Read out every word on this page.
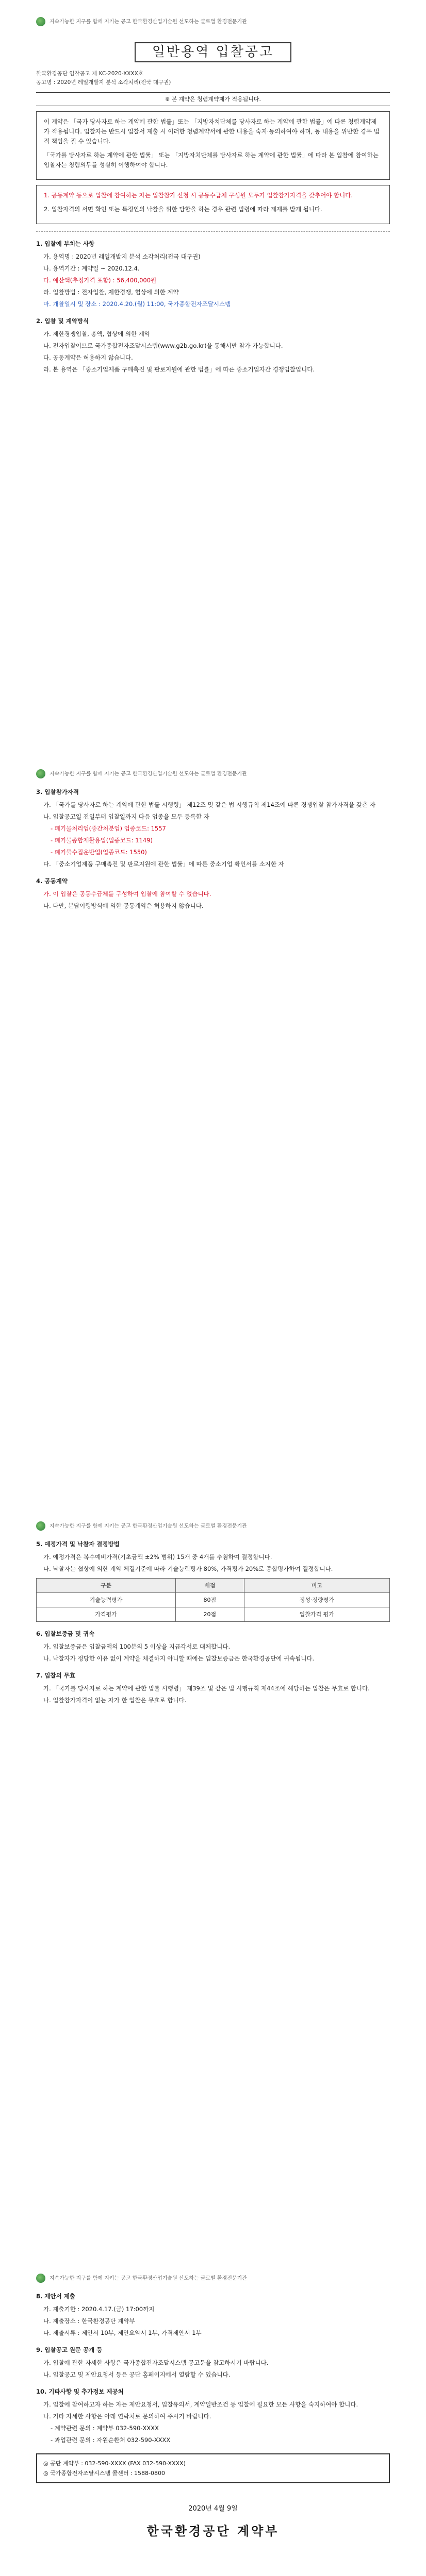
지속가능한 지구를 함께 지키는 공고 한국환경산업기술원 선도하는 글로벌 환경전문기관
일반용역 입찰공고
한국환경공단 입찰공고 제 KC-2020-XXXX호
공고명 : 2020년 레일개발지 분석 소각처리(전국 대구권)
※ 본 계약은 청렴계약제가 적용됩니다.

이 계약은 「국가 당사자로 하는 계약에 관한 법률」또는 「지방자치단체를 당사자로 하는 계약에 관한 법률」에 따른 청렴계약제가 적용됩니다. 입찰자는 반드시 입찰서 제출 시 이러한 청렴계약서에 관한 내용을 숙지·동의하여야 하며, 동 내용을 위반한 경우 법적 책임을 질 수 있습니다.

「국가를 당사자로 하는 계약에 관한 법률」 또는 「지방자치단체를 당사자로 하는 계약에 관한 법률」에 따라 본 입찰에 참여하는 입찰자는 청렴의무를 성실히 이행하여야 합니다.

1. 공동계약 등으로 입찰에 참여하는 자는 입찰참가 신청 시 공동수급체 구성원 모두가 입찰참가자격을 갖추어야 합니다.

2. 입찰자격의 서면 확인 또는 특정인의 낙찰을 위한 담합을 하는 경우 관련 법령에 따라 제재를 받게 됩니다.

1. 입찰에 부치는 사항
가. 용역명 : 2020년 레일개발지 분석 소각처리(전국 대구권)
나. 용역기간 : 계약일 ~ 2020.12.4.
다. 예산액(추정가격 포함) : 56,400,000원
라. 입찰방법 : 전자입찰, 제한경쟁, 협상에 의한 계약
마. 개찰일시 및 장소 : 2020.4.20.(월) 11:00, 국가종합전자조달시스템
2. 입찰 및 계약방식
가. 제한경쟁입찰, 총액, 협상에 의한 계약
나. 전자입찰이므로 국가종합전자조달시스템(www.g2b.go.kr)을 통해서만 참가 가능합니다.
다. 공동계약은 허용하지 않습니다.
라. 본 용역은 「중소기업제품 구매촉진 및 판로지원에 관한 법률」에 따른 중소기업자간 경쟁입찰입니다.
지속가능한 지구를 함께 지키는 공고 한국환경산업기술원 선도하는 글로벌 환경전문기관
3. 입찰참가자격
가. 「국가를 당사자로 하는 계약에 관한 법률 시행령」 제12조 및 같은 법 시행규칙 제14조에 따른 경쟁입찰 참가자격을 갖춘 자
나. 입찰공고일 전일부터 입찰일까지 다음 업종을 모두 등록한 자
- 폐기물처리업(중간처분업) 업종코드: 1557
- 폐기물종합재활용업(업종코드: 1149)
- 폐기물수집운반업(업종코드: 1550)
다. 「중소기업제품 구매촉진 및 판로지원에 관한 법률」에 따른 중소기업 확인서를 소지한 자
4. 공동계약
가. 이 입찰은 공동수급체를 구성하여 입찰에 참여할 수 없습니다.
나. 다만, 분담이행방식에 의한 공동계약은 허용하지 않습니다.
지속가능한 지구를 함께 지키는 공고 한국환경산업기술원 선도하는 글로벌 환경전문기관
5. 예정가격 및 낙찰자 결정방법
가. 예정가격은 복수예비가격(기초금액 ±2% 범위) 15개 중 4개를 추첨하여 결정합니다.
나. 낙찰자는 협상에 의한 계약 체결기준에 따라 기술능력평가 80%, 가격평가 20%로 종합평가하여 결정합니다.
구분	배점	비고
기술능력평가	80점	정성·정량평가
가격평가	20점	입찰가격 평가
6. 입찰보증금 및 귀속
가. 입찰보증금은 입찰금액의 100분의 5 이상을 지급각서로 대체합니다.
나. 낙찰자가 정당한 이유 없이 계약을 체결하지 아니할 때에는 입찰보증금은 한국환경공단에 귀속됩니다.
7. 입찰의 무효
가. 「국가를 당사자로 하는 계약에 관한 법률 시행령」 제39조 및 같은 법 시행규칙 제44조에 해당하는 입찰은 무효로 합니다.
나. 입찰참가자격이 없는 자가 한 입찰은 무효로 합니다.
지속가능한 지구를 함께 지키는 공고 한국환경산업기술원 선도하는 글로벌 환경전문기관
8. 제안서 제출
가. 제출기한 : 2020.4.17.(금) 17:00까지
나. 제출장소 : 한국환경공단 계약부
다. 제출서류 : 제안서 10부, 제안요약서 1부, 가격제안서 1부
9. 입찰공고 원문 공개 등
가. 입찰에 관한 자세한 사항은 국가종합전자조달시스템 공고문을 참고하시기 바랍니다.
나. 입찰공고 및 제안요청서 등은 공단 홈페이지에서 열람할 수 있습니다.
10. 기타사항 및 추가정보 제공처
가. 입찰에 참여하고자 하는 자는 제안요청서, 입찰유의서, 계약일반조건 등 입찰에 필요한 모든 사항을 숙지하여야 합니다.
나. 기타 자세한 사항은 아래 연락처로 문의하여 주시기 바랍니다.
- 계약관련 문의 : 계약부 032-590-XXXX
- 과업관련 문의 : 자원순환처 032-590-XXXX
◎ 공단 계약부 : 032-590-XXXX (FAX 032-590-XXXX)
◎ 국가종합전자조달시스템 콜센터 : 1588-0800
2020년 4월 9일
한국환경공단 계약부
